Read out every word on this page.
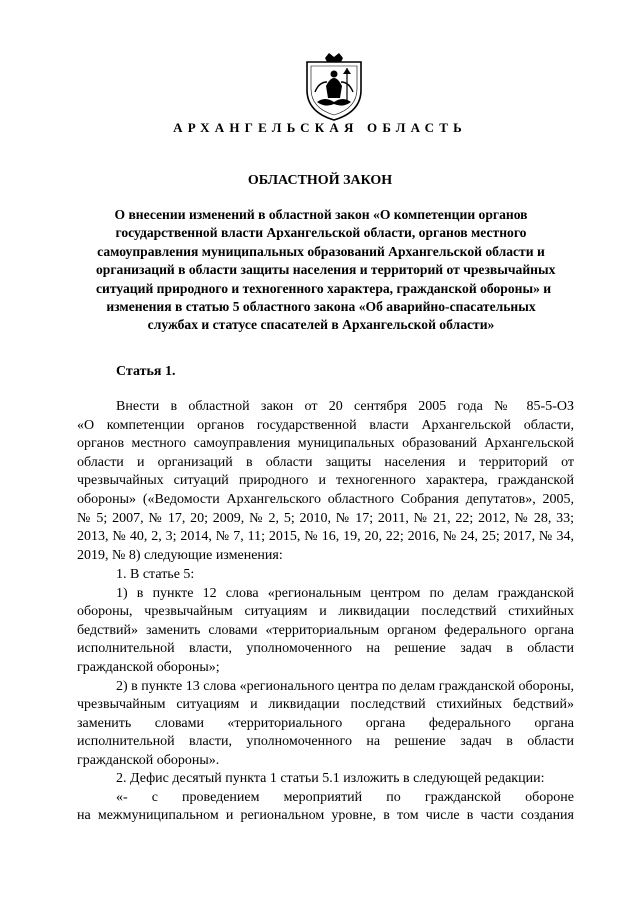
АРХАНГЕЛЬСКАЯ ОБЛАСТЬ
ОБЛАСТНОЙ ЗАКОН
О внесении изменений в областной закон «О компетенции органов
государственной власти Архангельской области, органов местного
самоуправления муниципальных образований Архангельской области и
организаций в области защиты населения и территорий от чрезвычайных
ситуаций природного и техногенного характера, гражданской обороны» и
изменения в статью 5 областного закона «Об аварийно-спасательных
службах и статусе спасателей в Архангельской области»
Статья 1.
Внести в областной закон от 20 сентября 2005 года № 85-5-ОЗ
«О компетенции органов государственной власти Архангельской области,
органов местного самоуправления муниципальных образований Архангельской
области и организаций в области защиты населения и территорий от
чрезвычайных ситуаций природного и техногенного характера, гражданской
обороны» («Ведомости Архангельского областного Собрания депутатов», 2005,
№ 5; 2007, № 17, 20; 2009, № 2, 5; 2010, № 17; 2011, № 21, 22; 2012, № 28, 33;
2013, № 40, 2, 3; 2014, № 7, 11; 2015, № 16, 19, 20, 22; 2016, № 24, 25; 2017, № 34,
2019, № 8) следующие изменения:
1. В статье 5:
1) в пункте 12 слова «региональным центром по делам гражданской
обороны, чрезвычайным ситуациям и ликвидации последствий стихийных
бедствий» заменить словами «территориальным органом федерального органа
исполнительной власти, уполномоченного на решение задач в области
гражданской обороны»;
2) в пункте 13 слова «регионального центра по делам гражданской обороны,
чрезвычайным ситуациям и ликвидации последствий стихийных бедствий»
заменить словами «территориального органа федерального органа
исполнительной власти, уполномоченного на решение задач в области
гражданской обороны».
2. Дефис десятый пункта 1 статьи 5.1 изложить в следующей редакции:
«- с проведением мероприятий по гражданской обороне
на межмуниципальном и региональном уровне, в том числе в части создания
